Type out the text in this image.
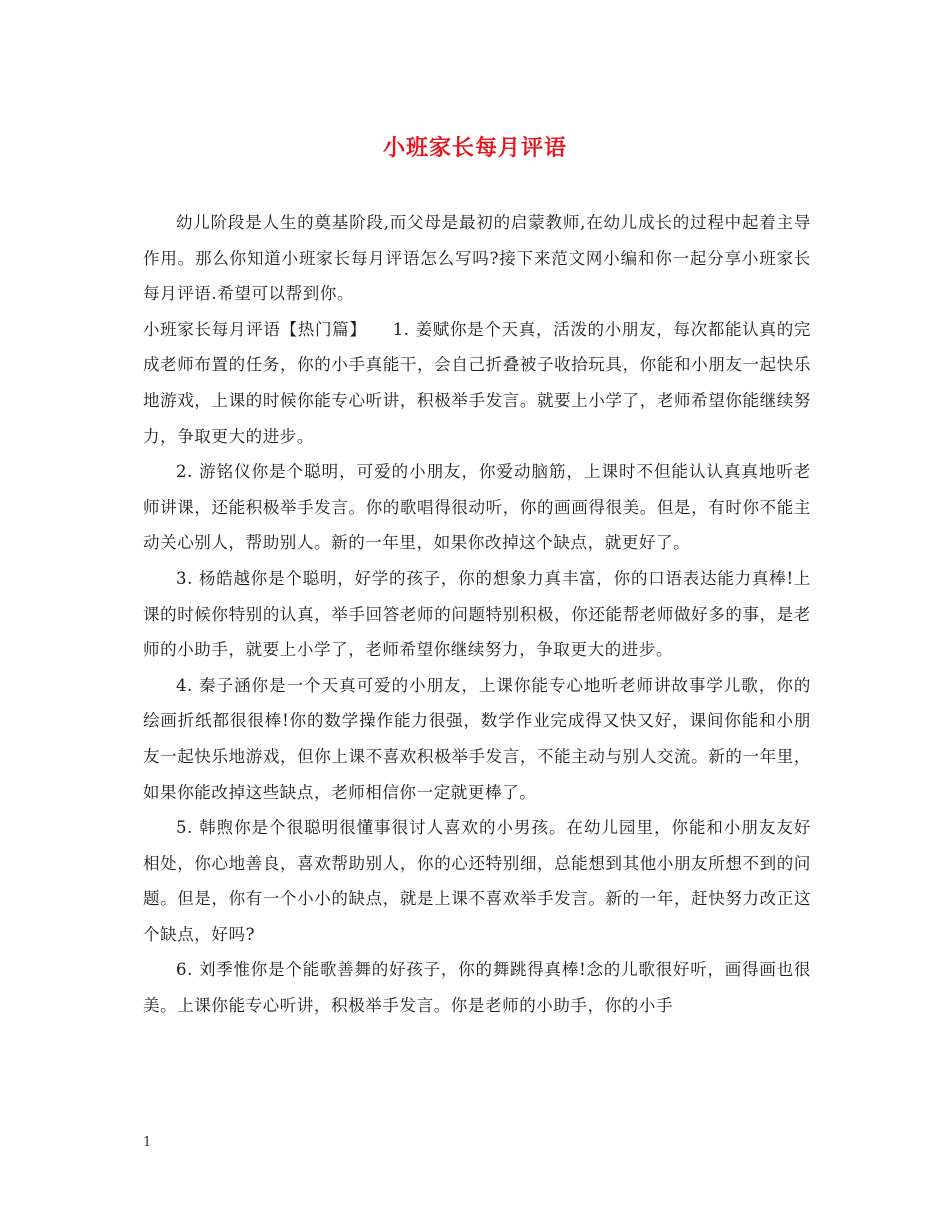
小班家长每月评语

幼儿阶段是人生的奠基阶段,而父母是最初的启蒙教师,在幼儿成长的过程中起着主导作用。那么你知道小班家长每月评语怎么写吗?接下来范文网小编和你一起分享小班家长每月评语.希望可以帮到你。

小班家长每月评语【热门篇】　　1. 姜赋你是个天真，活泼的小朋友，每次都能认真的完成老师布置的任务，你的小手真能干，会自己折叠被子收拾玩具，你能和小朋友一起快乐地游戏，上课的时候你能专心听讲，积极举手发言。就要上小学了，老师希望你能继续努力，争取更大的进步。

2. 游铭仪你是个聪明，可爱的小朋友，你爱动脑筋，上课时不但能认认真真地听老师讲课，还能积极举手发言。你的歌唱得很动听，你的画画得很美。但是，有时你不能主动关心别人，帮助别人。新的一年里，如果你改掉这个缺点，就更好了。

3. 杨皓越你是个聪明，好学的孩子，你的想象力真丰富，你的口语表达能力真棒!上课的时候你特别的认真，举手回答老师的问题特别积极，你还能帮老师做好多的事，是老师的小助手，就要上小学了，老师希望你继续努力，争取更大的进步。

4. 秦子涵你是一个天真可爱的小朋友，上课你能专心地听老师讲故事学儿歌，你的绘画折纸都很很棒!你的数学操作能力很强，数学作业完成得又快又好，课间你能和小朋友一起快乐地游戏，但你上课不喜欢积极举手发言，不能主动与别人交流。新的一年里，如果你能改掉这些缺点，老师相信你一定就更棒了。

5. 韩煦你是个很聪明很懂事很讨人喜欢的小男孩。在幼儿园里，你能和小朋友友好相处，你心地善良，喜欢帮助别人，你的心还特别细，总能想到其他小朋友所想不到的问题。但是，你有一个小小的缺点，就是上课不喜欢举手发言。新的一年，赶快努力改正这个缺点，好吗?

6. 刘季惟你是个能歌善舞的好孩子，你的舞跳得真棒!念的儿歌很好听，画得画也很美。上课你能专心听讲，积极举手发言。你是老师的小助手，你的小手

1
